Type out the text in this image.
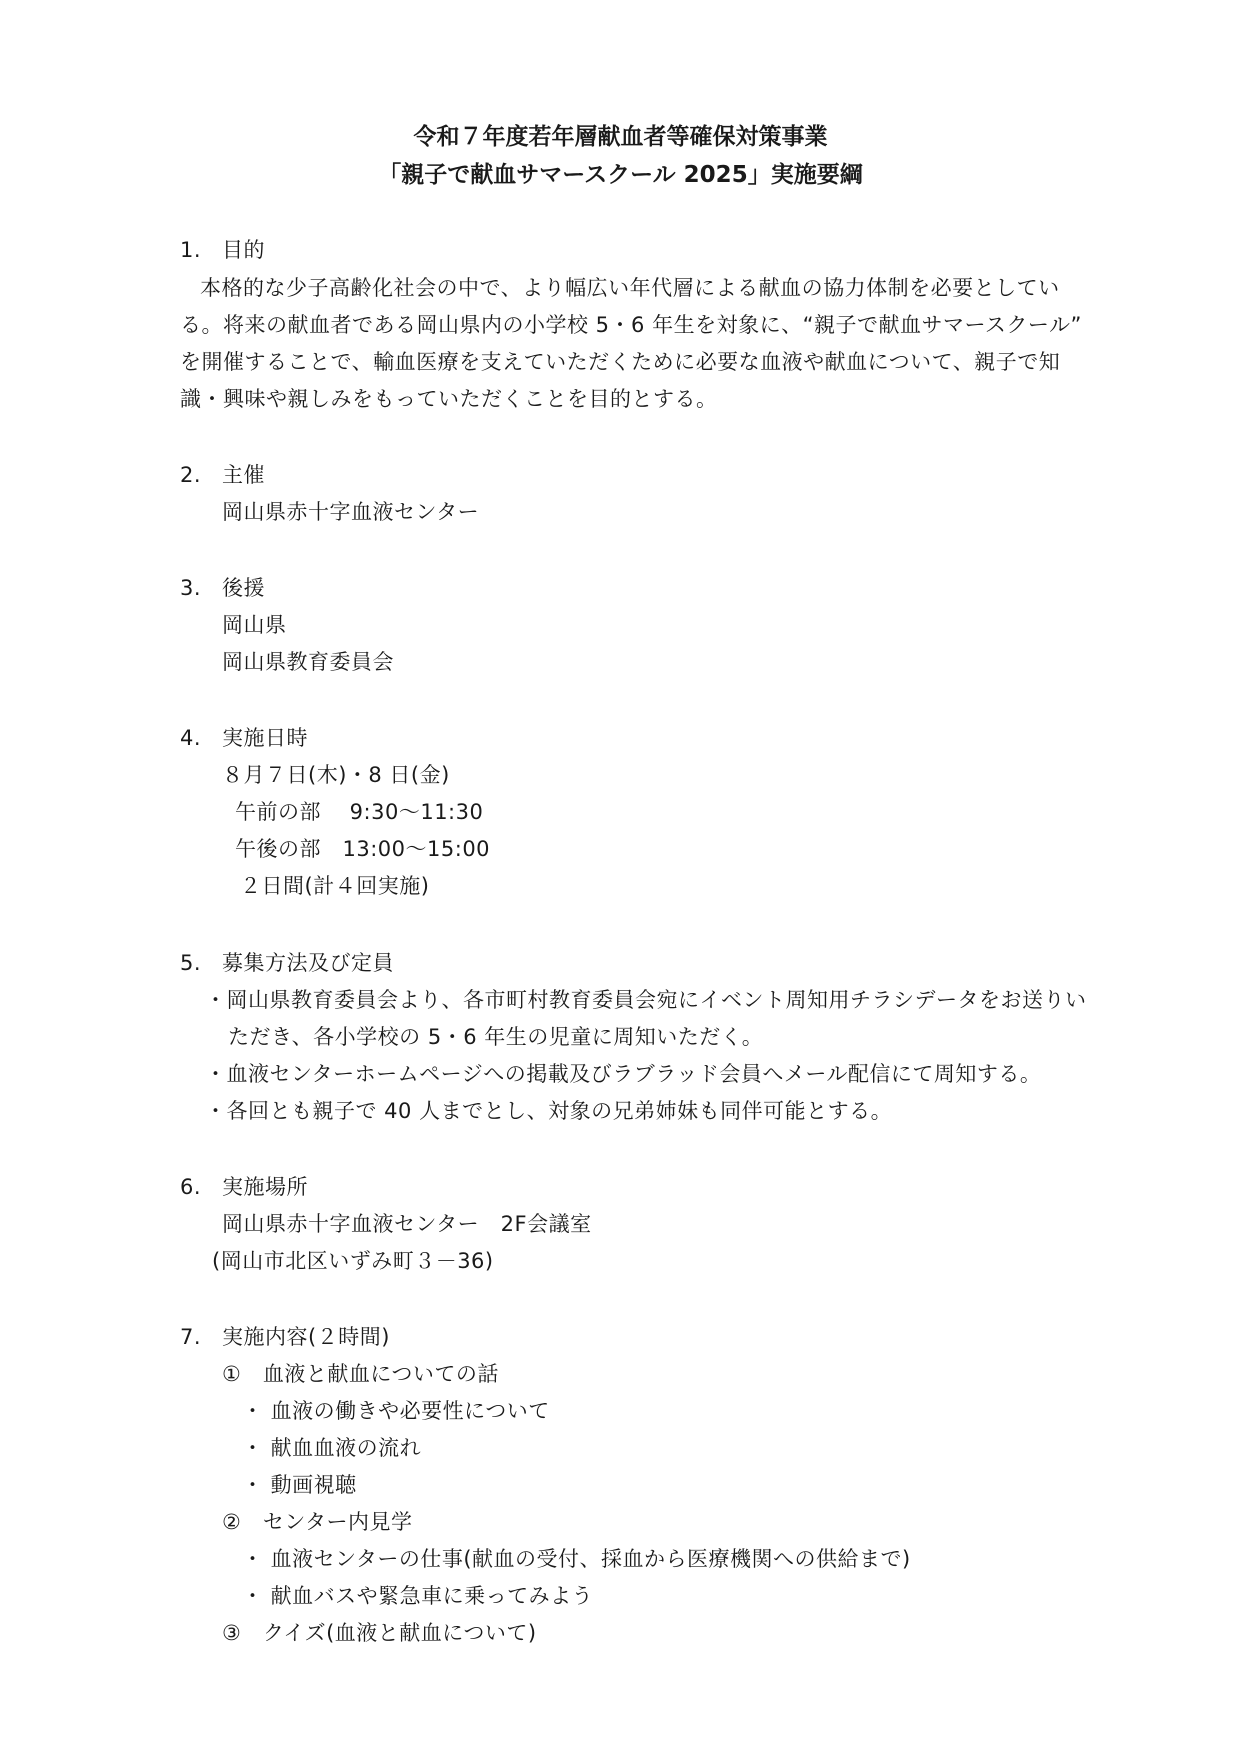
令和７年度若年層献血者等確保対策事業
「親子で献血サマースクール 2025」実施要綱
1. 目的
本格的な少子高齢化社会の中で、より幅広い年代層による献血の協力体制を必要としてい
る。将来の献血者である岡山県内の小学校 5・6 年生を対象に、“親子で献血サマースクール”
を開催することで、輸血医療を支えていただくために必要な血液や献血について、親子で知
識・興味や親しみをもっていただくことを目的とする。
2. 主催
岡山県赤十字血液センター
3. 後援
岡山県
岡山県教育委員会
4. 実施日時
８月７日(木)・8 日(金)
午前の部　 9:30～11:30
午後の部　13:00～15:00
２日間(計４回実施)
5. 募集方法及び定員
・岡山県教育委員会より、各市町村教育委員会宛にイベント周知用チラシデータをお送りい
ただき、各小学校の 5・6 年生の児童に周知いただく。
・血液センターホームページへの掲載及びラブラッド会員へメール配信にて周知する。
・各回とも親子で 40 人までとし、対象の兄弟姉妹も同伴可能とする。
6. 実施場所
岡山県赤十字血液センター　2F会議室
(岡山市北区いずみ町３－36)
7. 実施内容(２時間)
①　血液と献血についての話
・ 血液の働きや必要性について
・ 献血血液の流れ
・ 動画視聴
②　センター内見学
・ 血液センターの仕事(献血の受付、採血から医療機関への供給まで)
・ 献血バスや緊急車に乗ってみよう
③　クイズ(血液と献血について)
